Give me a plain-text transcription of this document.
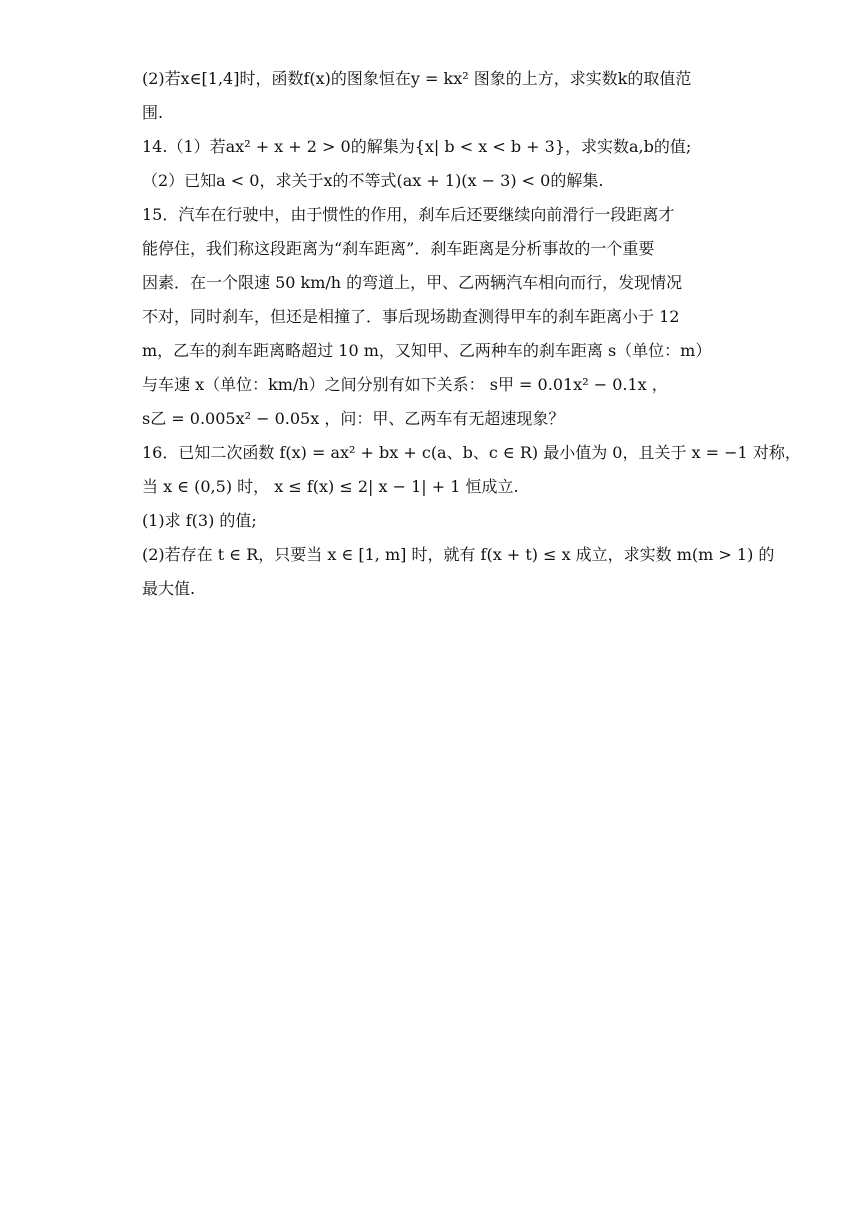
(2)若x∈[1,4]时，函数f(x)的图象恒在y = kx² 图象的上方，求实数k的取值范
围.

14.（1）若ax² + x + 2 > 0的解集为{x| b < x < b + 3}，求实数a,b的值;
（2）已知a < 0，求关于x的不等式(ax + 1)(x − 3) < 0的解集.

15．汽车在行驶中，由于惯性的作用，刹车后还要继续向前滑行一段距离才
能停住，我们称这段距离为“刹车距离”．刹车距离是分析事故的一个重要
因素．在一个限速 50 km/h 的弯道上，甲、乙两辆汽车相向而行，发现情况
不对，同时刹车，但还是相撞了．事后现场勘查测得甲车的刹车距离小于 12
m，乙车的刹车距离略超过 10 m，又知甲、乙两种车的刹车距离 s（单位：m）
与车速 x（单位：km/h）之间分别有如下关系： s甲 = 0.01x² − 0.1x ，
s乙 = 0.005x² − 0.05x ，问：甲、乙两车有无超速现象？

16．已知二次函数 f(x) = ax² + bx + c(a、b、c ∈ R) 最小值为 0，且关于 x = −1 对称，
当 x ∈ (0,5) 时， x ≤ f(x) ≤ 2| x − 1| + 1 恒成立.
(1)求 f(3) 的值;
(2)若存在 t ∈ R，只要当 x ∈ [1, m] 时，就有 f(x + t) ≤ x 成立，求实数 m(m > 1) 的
最大值.
